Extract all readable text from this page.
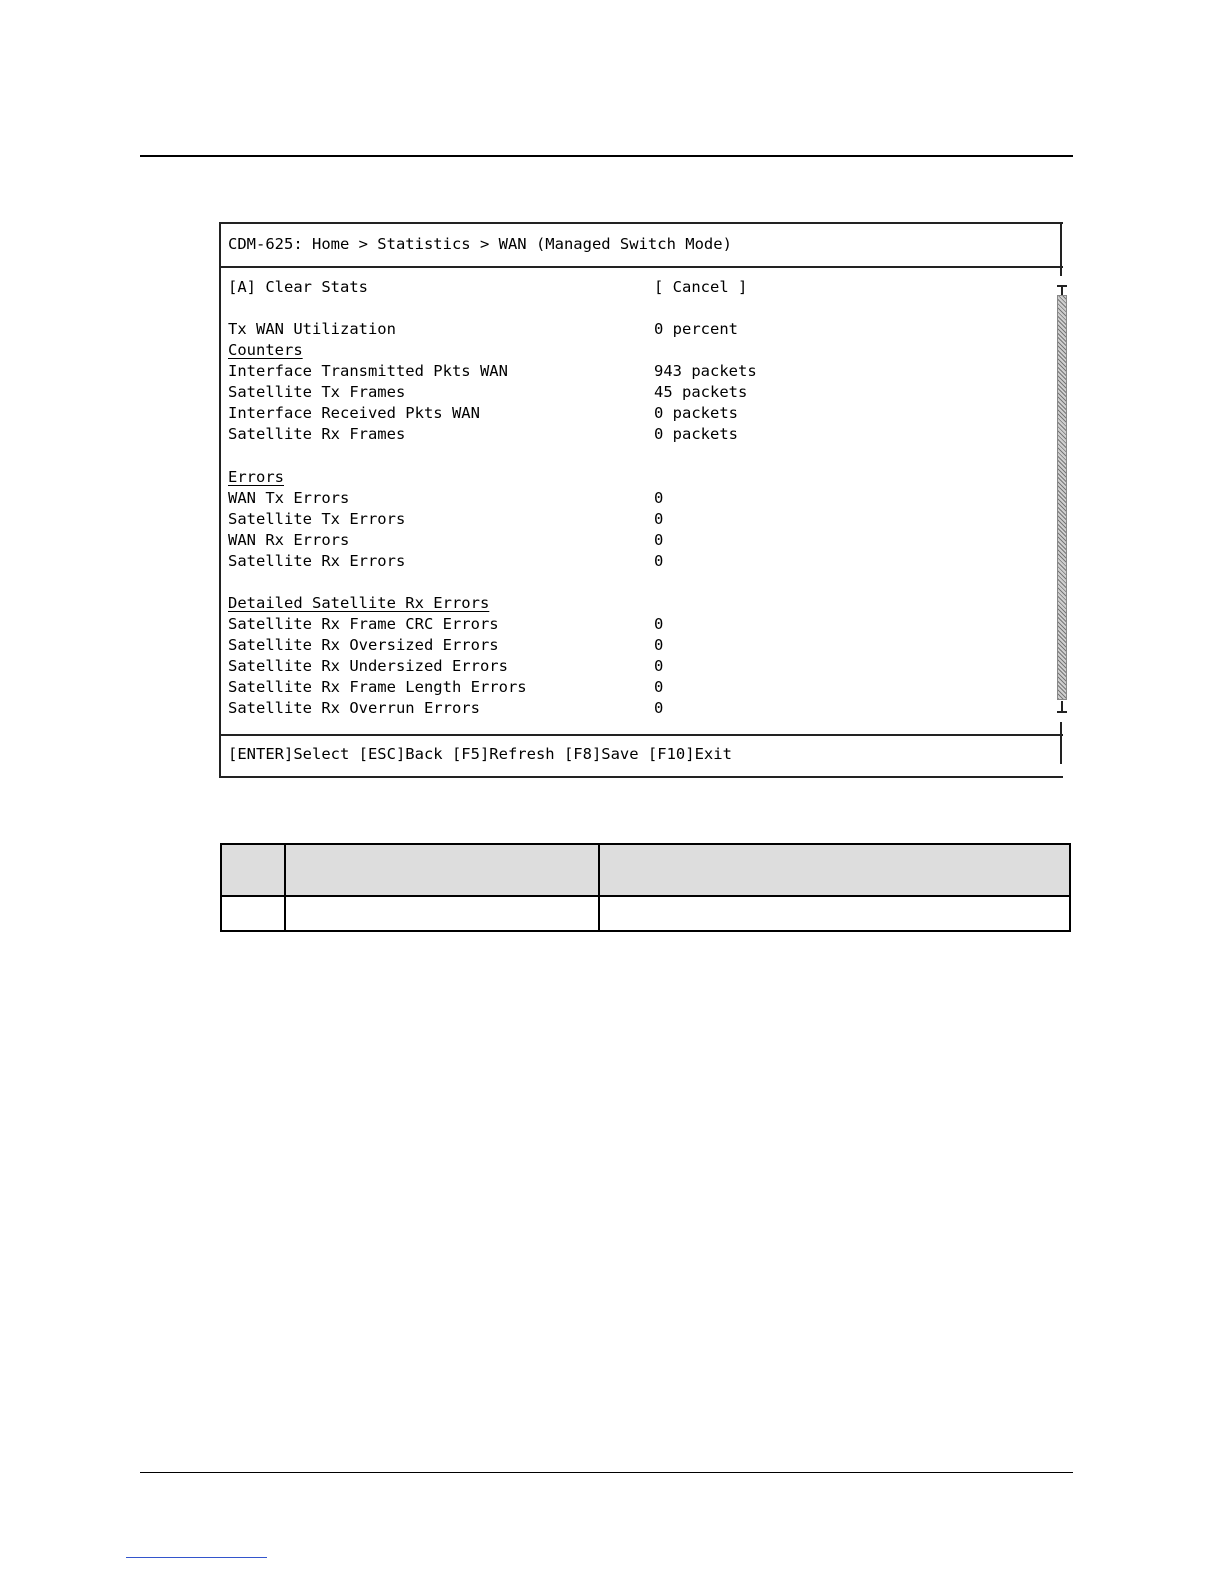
CDM-625: Home > Statistics > WAN (Managed Switch Mode)
[A] Clear Stats	[ Cancel ]
Tx WAN Utilization	0 percent
Counters
Interface Transmitted Pkts WAN	943 packets
Satellite Tx Frames	45 packets
Interface Received Pkts WAN	0 packets
Satellite Rx Frames	0 packets
Errors
WAN Tx Errors	0
Satellite Tx Errors	0
WAN Rx Errors	0
Satellite Rx Errors	0
Detailed Satellite Rx Errors
Satellite Rx Frame CRC Errors	0
Satellite Rx Oversized Errors	0
Satellite Rx Undersized Errors	0
Satellite Rx Frame Length Errors	0
Satellite Rx Overrun Errors	0
[ENTER]Select [ESC]Back [F5]Refresh [F8]Save [F10]Exit
